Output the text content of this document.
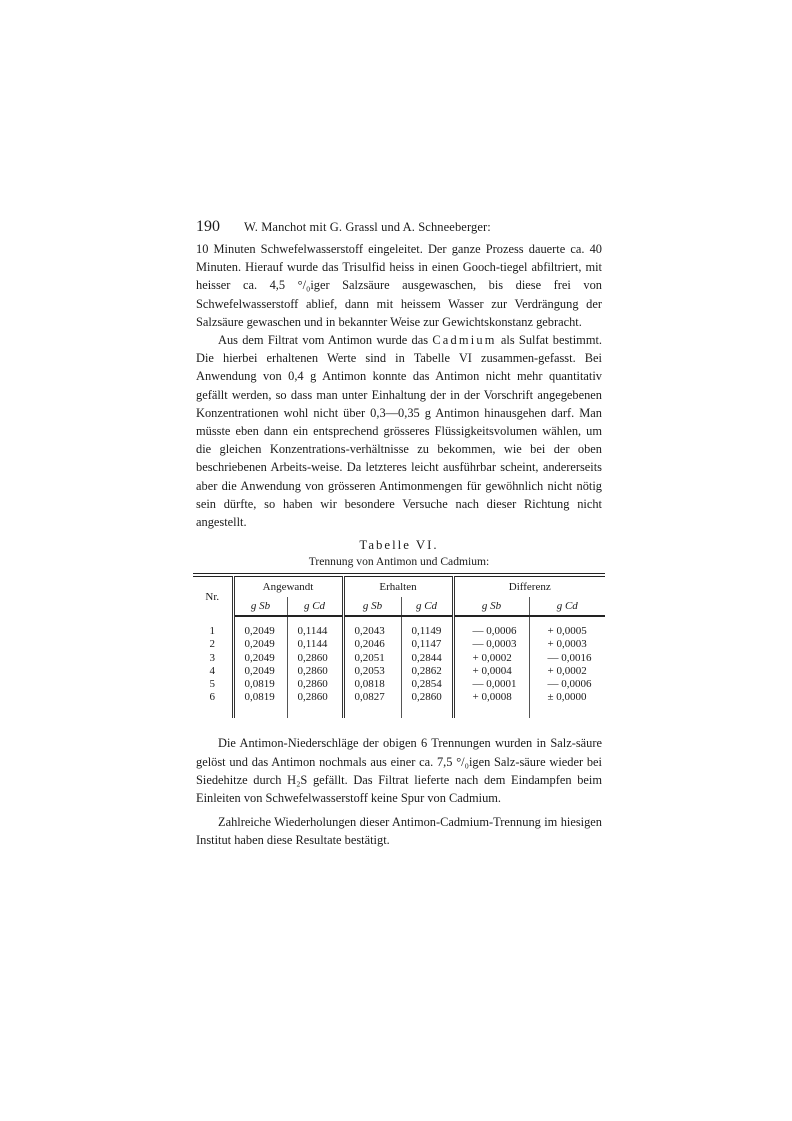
190	W. Manchot mit G. Grassl und A. Schneeberger:

10 Minuten Schwefelwasserstoff eingeleitet. Der ganze Prozess dauerte ca. 40 Minuten. Hierauf wurde das Trisulfid heiss in einen Gooch-tiegel abfiltriert, mit heisser ca. 4,5 °/₀iger Salzsäure ausgewaschen, bis diese frei von Schwefelwasserstoff ablief, dann mit heissem Wasser zur Verdrängung der Salzsäure gewaschen und in bekannter Weise zur Gewichtskonstanz gebracht.

Aus dem Filtrat vom Antimon wurde das Cadmium als Sulfat bestimmt. Die hierbei erhaltenen Werte sind in Tabelle VI zusammen-gefasst. Bei Anwendung von 0,4 g Antimon konnte das Antimon nicht mehr quantitativ gefällt werden, so dass man unter Einhaltung der in der Vorschrift angegebenen Konzentrationen wohl nicht über 0,3—0,35 g Antimon hinausgehen darf. Man müsste eben dann ein entsprechend grösseres Flüssigkeitsvolumen wählen, um die gleichen Konzentrations-verhältnisse zu bekommen, wie bei der oben beschriebenen Arbeits-weise. Da letzteres leicht ausführbar scheint, andererseits aber die Anwendung von grösseren Antimonmengen für gewöhnlich nicht nötig sein dürfte, so haben wir besondere Versuche nach dieser Richtung nicht angestellt.

Tabelle VI.
Trennung von Antimon und Cadmium:

Nr.	Angewandt		Erhalten		Differenz	
	g Sb	g Cd	g Sb	g Cd	g Sb	g Cd

1	0,2049	0,1144	0,2043	0,1149	— 0,0006	+ 0,0005
2	0,2049	0,1144	0,2046	0,1147	— 0,0003	+ 0,0003
3	0,2049	0,2860	0,2051	0,2844	+ 0,0002	— 0,0016
4	0,2049	0,2860	0,2053	0,2862	+ 0,0004	+ 0,0002
5	0,0819	0,2860	0,0818	0,2854	— 0,0001	— 0,0006
6	0,0819	0,2860	0,0827	0,2860	+ 0,0008	± 0,0000

Die Antimon-Niederschläge der obigen 6 Trennungen wurden in Salz-säure gelöst und das Antimon nochmals aus einer ca. 7,5 °/₀igen Salz-säure wieder bei Siedehitze durch H₂S gefällt. Das Filtrat lieferte nach dem Eindampfen beim Einleiten von Schwefelwasserstoff keine Spur von Cadmium.

Zahlreiche Wiederholungen dieser Antimon-Cadmium-Trennung im hiesigen Institut haben diese Resultate bestätigt.
